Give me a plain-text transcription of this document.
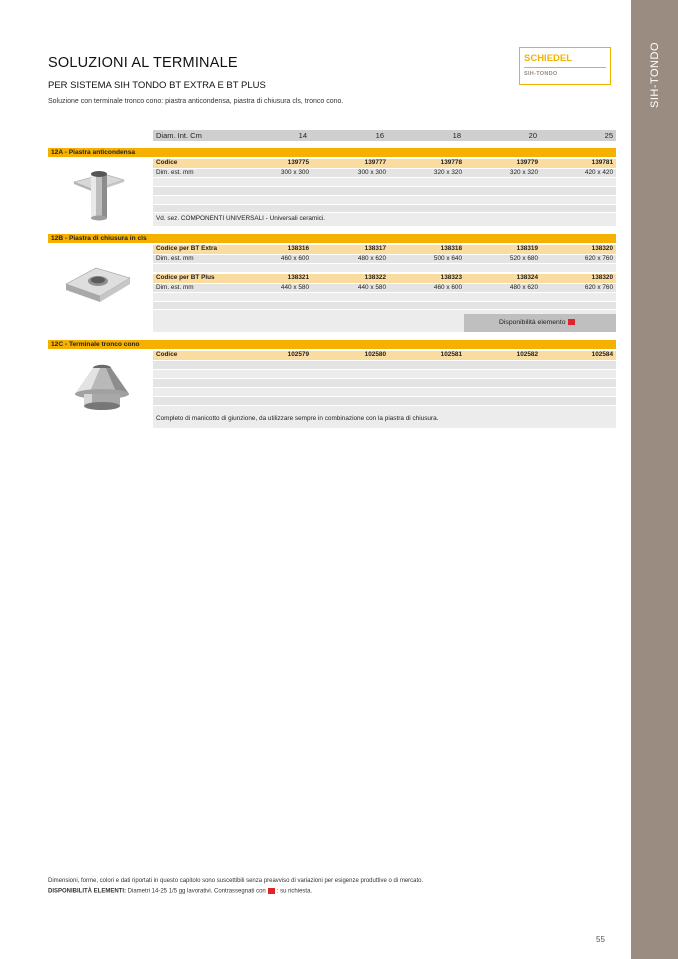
SIH-TONDO
SOLUZIONI AL TERMINALE
PER SISTEMA SIH TONDO BT EXTRA E BT PLUS
Soluzione con terminale tronco cono: piastra anticondensa, piastra di chiusura cls, tronco cono.
SCHIEDEL
SIH-TONDO
Diam. Int. Cm	14	16	18	20	25
12A - Piastra anticondensa
Codice	139775	139777	139778	139779	139781
Dim. est. mm	300 x 300	300 x 300	320 x 320	320 x 320	420 x 420
Vd. sez. COMPONENTI UNIVERSALI - Universali ceramici.
12B - Piastra di chiusura in cls
Codice per BT Extra	138316	138317	138318	138319	138320
Dim. est. mm	460 x 600	480 x 620	500 x 640	520 x 680	620 x 760
Codice per BT Plus	138321	138322	138323	138324	138320
Dim. est. mm	440 x 580	440 x 580	460 x 600	480 x 620	620 x 760
Disponibilità elemento
12C - Terminale tronco cono
Codice	102579	102580	102581	102582	102584
Completo di manicotto di giunzione, da utilizzare sempre in combinazione con la piastra di chiusura.
Dimensioni, forme, colori e dati riportati in questo capitolo sono suscettibili senza preavviso di variazioni per esigenze produttive o di mercato.
DISPONIBILITÀ ELEMENTI: Diametri 14-25 1/5 gg lavorativi. Contrassegnati con : su richiesta.
55
